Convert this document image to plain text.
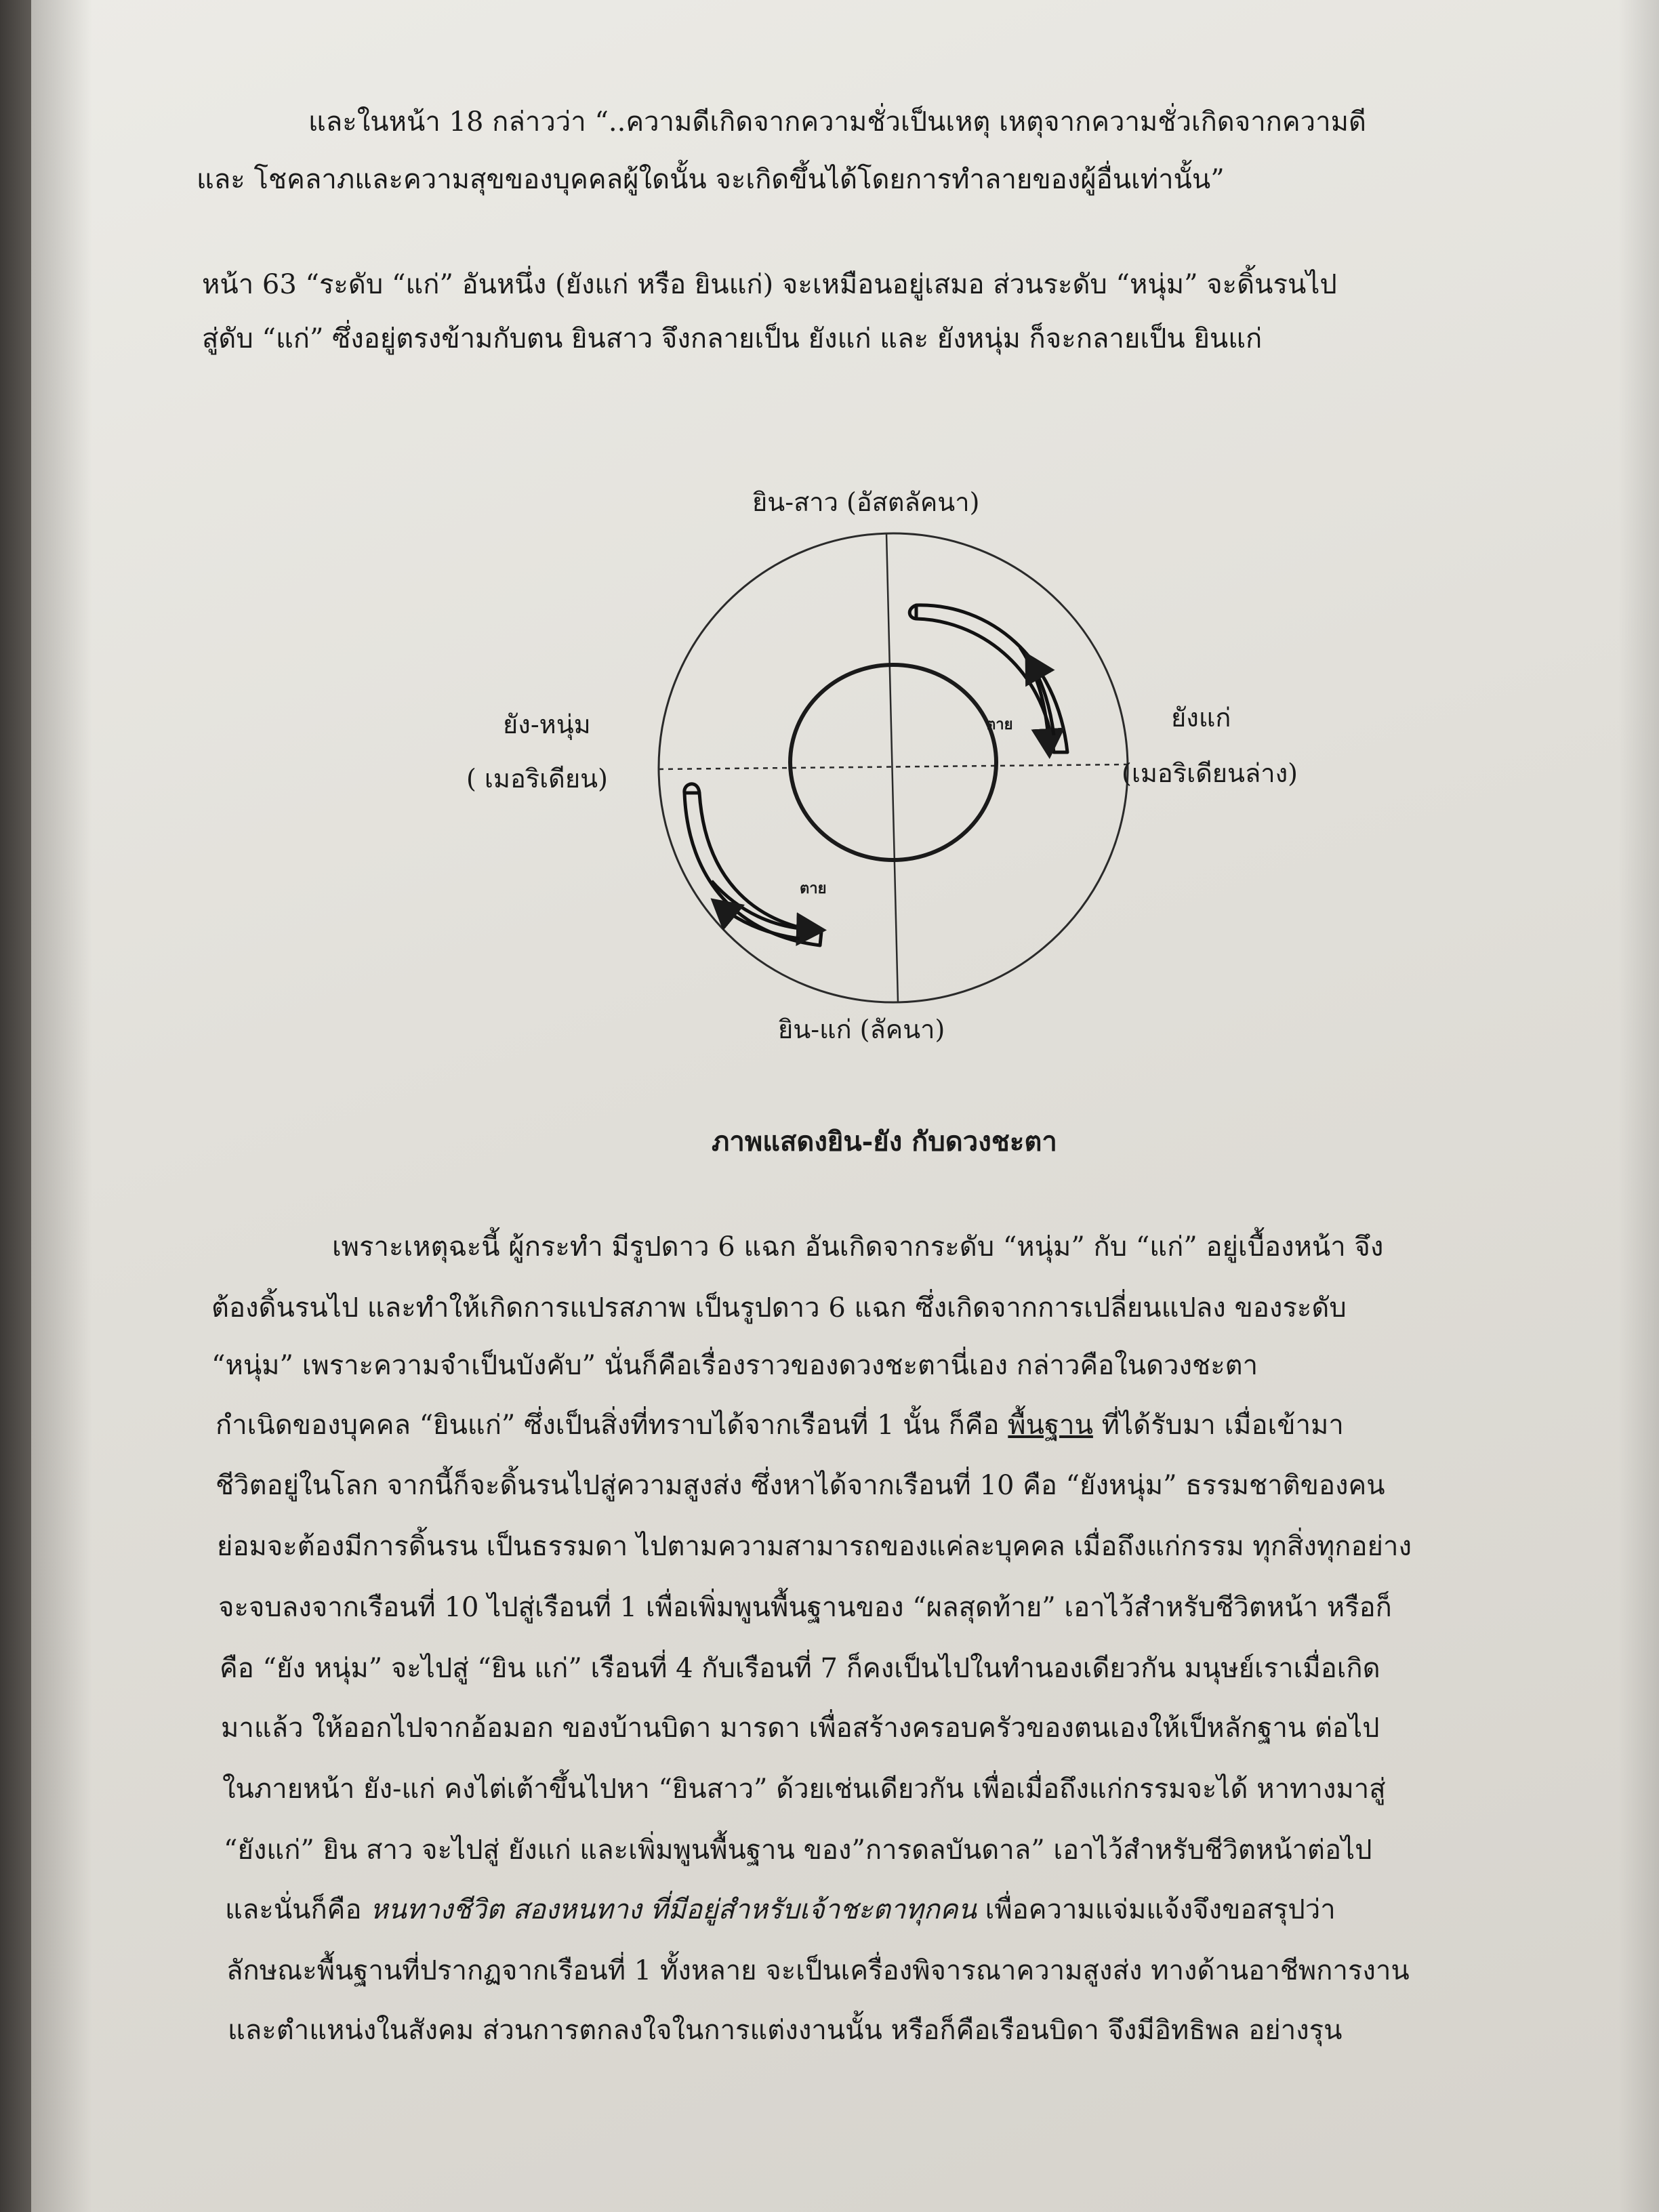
และในหน้า 18 กล่าวว่า “..ความดีเกิดจากความชั่วเป็นเหตุ เหตุจากความชั่วเกิดจากความดี
และ โชคลาภและความสุขของบุคคลผู้ใดนั้น จะเกิดขึ้นได้โดยการทำลายของผู้อื่นเท่านั้น”
หน้า 63 “ระดับ “แก่” อันหนึ่ง (ยังแก่ หรือ ยินแก่) จะเหมือนอยู่เสมอ ส่วนระดับ “หนุ่ม” จะดิ้นรนไป
สู่ดับ “แก่” ซึ่งอยู่ตรงข้ามกับตน ยินสาว จึงกลายเป็น ยังแก่ และ ยังหนุ่ม ก็จะกลายเป็น ยินแก่
ยิน-สาว (อัสตลัคนา)
ยัง-หนุ่ม
( เมอริเดียน)
ยังแก่
(เมอริเดียนล่าง)
ยิน-แก่ (ลัคนา)
ตาย
ตาย
ภาพแสดงยิน-ยัง กับดวงชะตา
เพราะเหตุฉะนี้ ผู้กระทำ มีรูปดาว 6 แฉก อันเกิดจากระดับ “หนุ่ม” กับ “แก่” อยู่เบื้องหน้า จึง
ต้องดิ้นรนไป และทำให้เกิดการแปรสภาพ เป็นรูปดาว 6 แฉก ซึ่งเกิดจากการเปลี่ยนแปลง ของระดับ
“หนุ่ม” เพราะความจำเป็นบังคับ” นั่นก็คือเรื่องราวของดวงชะตานี่เอง กล่าวคือในดวงชะตา
กำเนิดของบุคคล “ยินแก่” ซึ่งเป็นสิ่งที่ทราบได้จากเรือนที่ 1 นั้น ก็คือ พื้นฐาน ที่ได้รับมา เมื่อเข้ามา
ชีวิตอยู่ในโลก จากนี้ก็จะดิ้นรนไปสู่ความสูงส่ง ซึ่งหาได้จากเรือนที่ 10 คือ “ยังหนุ่ม” ธรรมชาติของคน
ย่อมจะต้องมีการดิ้นรน เป็นธรรมดา ไปตามความสามารถของแค่ละบุคคล เมื่อถึงแก่กรรม ทุกสิ่งทุกอย่าง
จะจบลงจากเรือนที่ 10 ไปสู่เรือนที่ 1 เพื่อเพิ่มพูนพื้นฐานของ “ผลสุดท้าย” เอาไว้สำหรับชีวิตหน้า หรือก็
คือ “ยัง หนุ่ม” จะไปสู่ “ยิน แก่” เรือนที่ 4 กับเรือนที่ 7 ก็คงเป็นไปในทำนองเดียวกัน มนุษย์เราเมื่อเกิด
มาแล้ว ให้ออกไปจากอ้อมอก ของบ้านบิดา มารดา เพื่อสร้างครอบครัวของตนเองให้เป็หลักฐาน ต่อไป
ในภายหน้า ยัง-แก่ คงไต่เต้าขึ้นไปหา “ยินสาว” ด้วยเช่นเดียวกัน เพื่อเมื่อถึงแก่กรรมจะได้ หาทางมาสู่
“ยังแก่” ยิน สาว จะไปสู่ ยังแก่ และเพิ่มพูนพื้นฐาน ของ”การดลบันดาล” เอาไว้สำหรับชีวิตหน้าต่อไป
และนั่นก็คือ หนทางชีวิต สองหนทาง ที่มีอยู่สำหรับเจ้าชะตาทุกคน เพื่อความแจ่มแจ้งจึงขอสรุปว่า
ลักษณะพื้นฐานที่ปรากฏจากเรือนที่ 1 ทั้งหลาย จะเป็นเครื่องพิจารณาความสูงส่ง ทางด้านอาชีพการงาน
และตำแหน่งในสังคม ส่วนการตกลงใจในการแต่งงานนั้น หรือก็คือเรือนบิดา จึงมีอิทธิพล อย่างรุน
